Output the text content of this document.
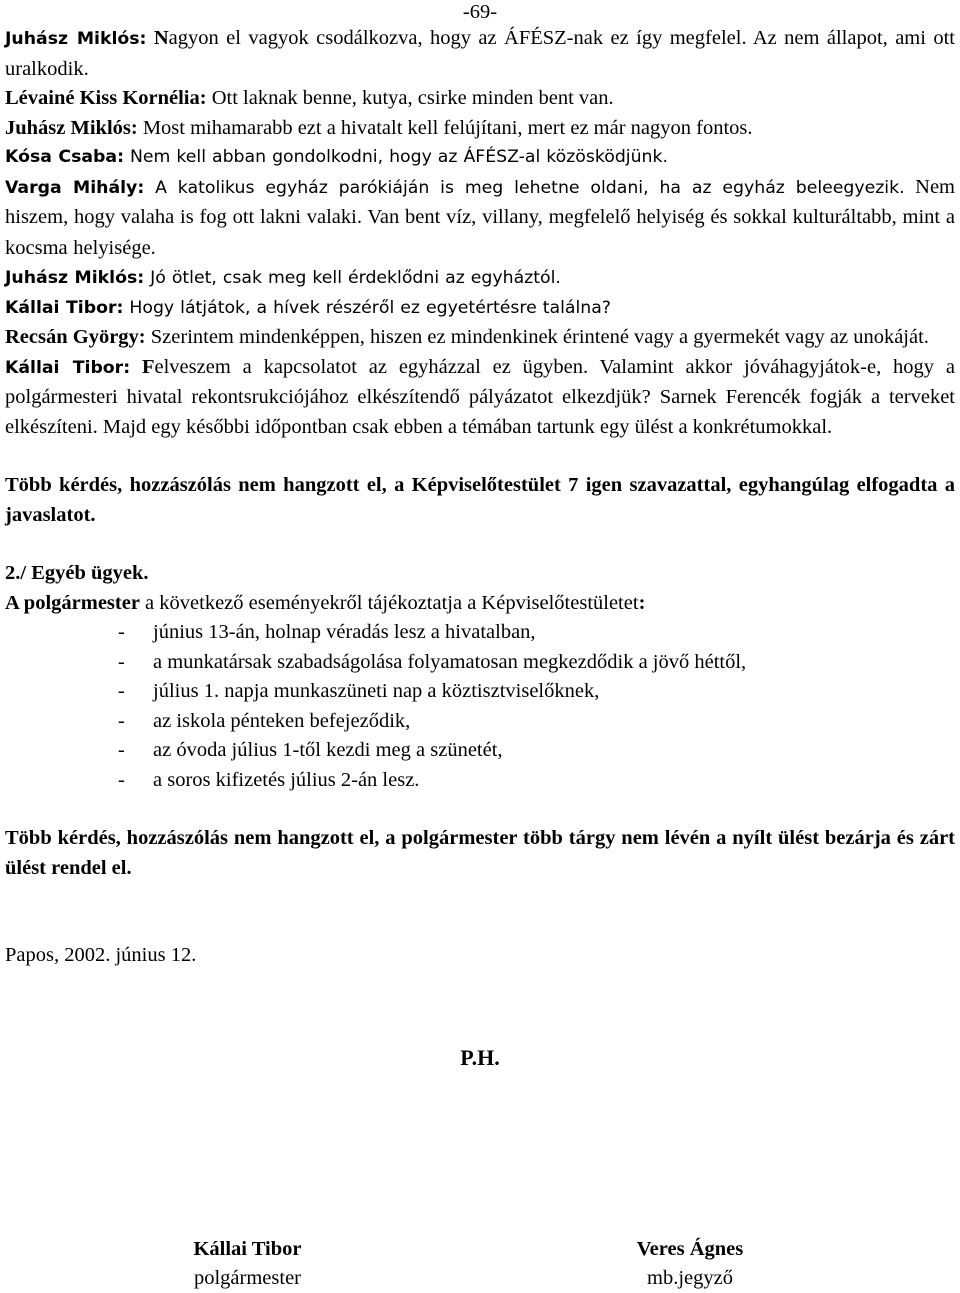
-69-

Juhász Miklós: Nagyon el vagyok csodálkozva, hogy az ÁFÉSZ-nak ez így megfelel. Az nem állapot, ami ott uralkodik.

Lévainé Kiss Kornélia: Ott laknak benne, kutya, csirke minden bent van.

Juhász Miklós: Most mihamarabb ezt a hivatalt kell felújítani, mert ez már nagyon fontos.

Kósa Csaba: Nem kell abban gondolkodni, hogy az ÁFÉSZ-al közösködjünk.

Varga Mihály: A katolikus egyház parókiáján is meg lehetne oldani, ha az egyház beleegyezik. Nem hiszem, hogy valaha is fog ott lakni valaki. Van bent víz, villany, megfelelő helyiség és sokkal kulturáltabb, mint a kocsma helyisége.

Juhász Miklós: Jó ötlet, csak meg kell érdeklődni az egyháztól.

Kállai Tibor: Hogy látjátok, a hívek részéről ez egyetértésre találna?

Recsán György: Szerintem mindenképpen, hiszen ez mindenkinek érintené vagy a gyermekét vagy az unokáját.

Kállai Tibor: Felveszem a kapcsolatot az egyházzal ez ügyben. Valamint akkor jóváhagyjátok-e, hogy a polgármesteri hivatal rekontsrukciójához elkészítendő pályázatot elkezdjük? Sarnek Ferencék fogják a terveket elkészíteni. Majd egy későbbi időpontban csak ebben a témában tartunk egy ülést a konkrétumokkal.

Több kérdés, hozzászólás nem hangzott el, a Képviselőtestület 7 igen szavazattal, egyhangúlag elfogadta a javaslatot.

2./ Egyéb ügyek.

A polgármester a következő eseményekről tájékoztatja a Képviselőtestületet:

-	június 13-án, holnap véradás lesz a hivatalban,
-	a munkatársak szabadságolása folyamatosan megkezdődik a jövő héttől,
-	július 1. napja munkaszüneti nap a köztisztviselőknek,
-	az iskola pénteken befejeződik,
-	az óvoda július 1-től kezdi meg a szünetét,
-	a soros kifizetés július 2-án lesz.

Több kérdés, hozzászólás nem hangzott el, a polgármester több tárgy nem lévén a nyílt ülést bezárja és zárt ülést rendel el.

Papos, 2002. június 12.

P.H.

Kállai Tibor
polgármester
Veres Ágnes
mb.jegyző
